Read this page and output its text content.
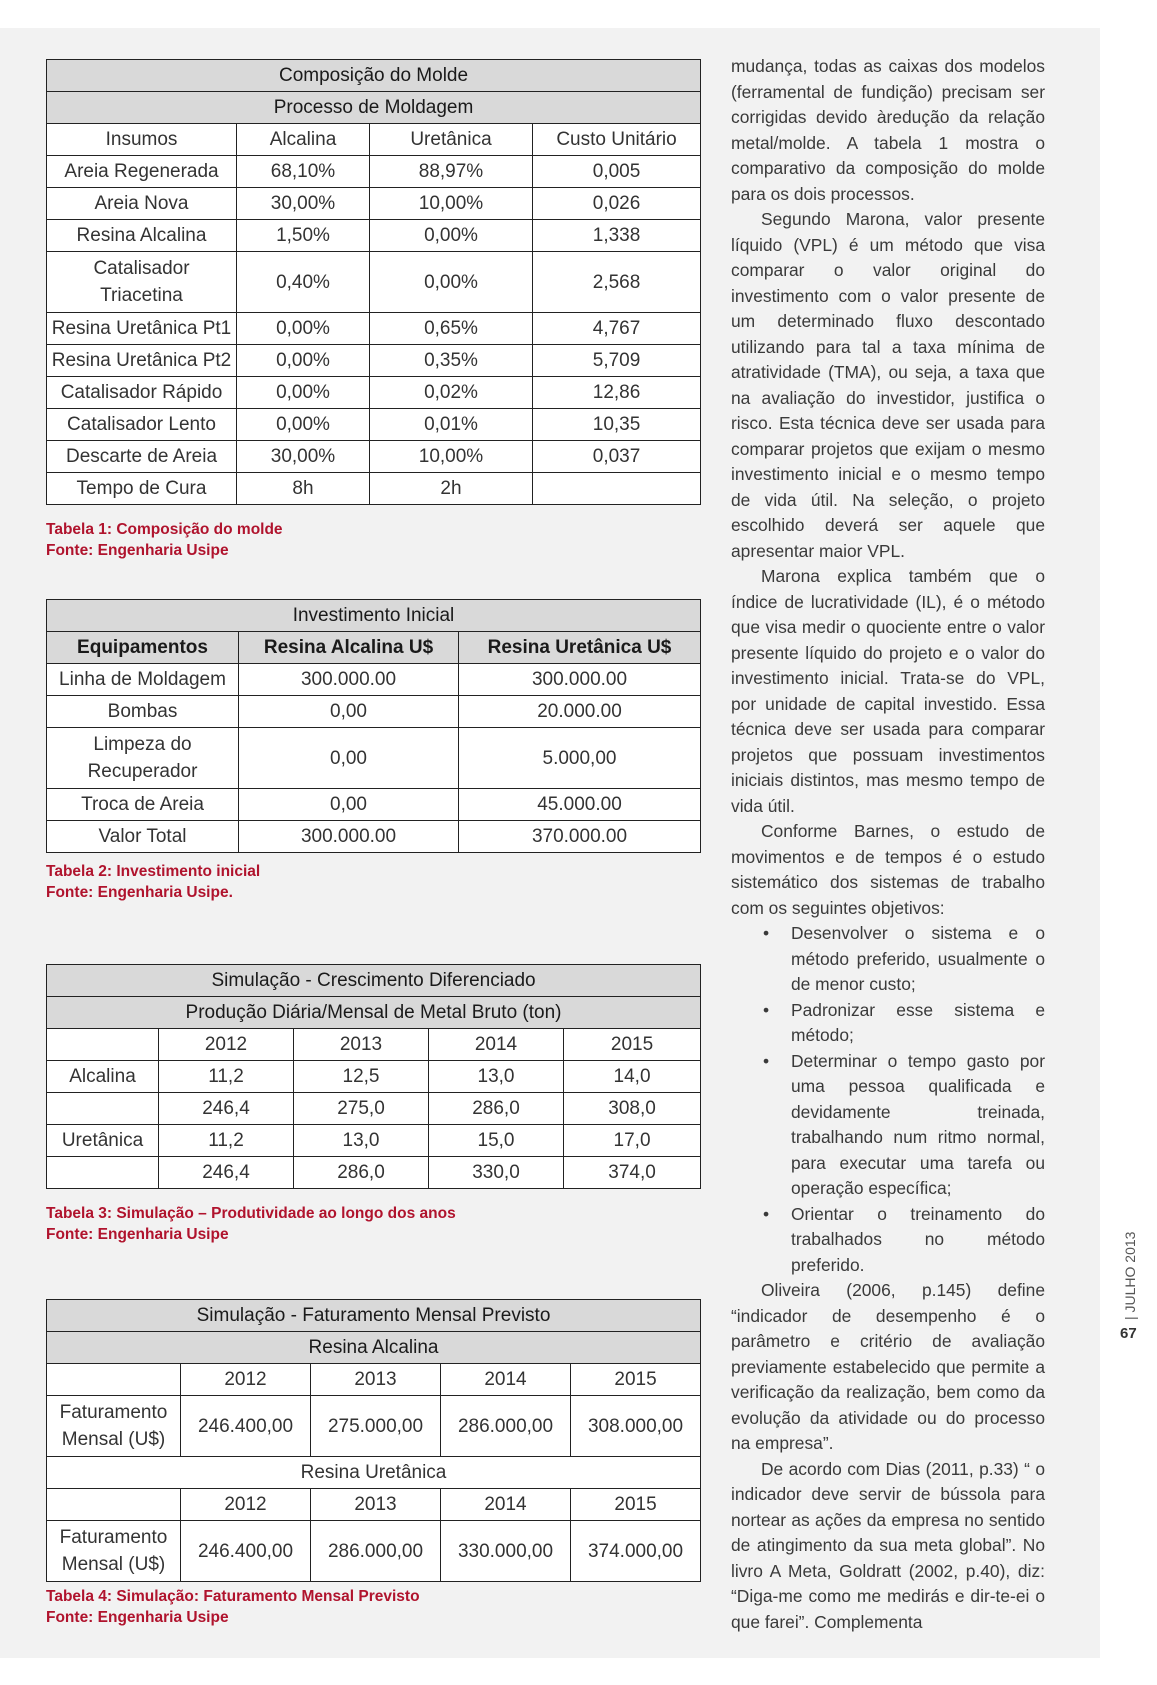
Composição do Molde			
Processo de Moldagem			
Insumos	Alcalina	Uretânica	Custo Unitário
Areia Regenerada	68,10%	88,97%	0,005
Areia Nova	30,00%	10,00%	0,026
Resina Alcalina	1,50%	0,00%	1,338
Catalisador
Triacetina	0,40%	0,00%	2,568
Resina Uretânica Pt1	0,00%	0,65%	4,767
Resina Uretânica Pt2	0,00%	0,35%	5,709
Catalisador Rápido	0,00%	0,02%	12,86
Catalisador Lento	0,00%	0,01%	10,35
Descarte de Areia	30,00%	10,00%	0,037
Tempo de Cura	8h	2h	
Tabela 1: Composição do molde
Fonte: Engenharia Usipe
Investimento Inicial		
Equipamentos	Resina Alcalina U$	Resina Uretânica U$
Linha de Moldagem	300.000.00	300.000.00
Bombas	0,00	20.000.00
Limpeza do
Recuperador	0,00	5.000,00
Troca de Areia	0,00	45.000.00
Valor Total	300.000.00	370.000.00
Tabela 2: Investimento inicial
Fonte: Engenharia Usipe.
Simulação - Crescimento Diferenciado				
Produção Diária/Mensal de Metal Bruto (ton)				
	2012	2013	2014	2015
Alcalina	11,2	12,5	13,0	14,0
	246,4	275,0	286,0	308,0
Uretânica	11,2	13,0	15,0	17,0
	246,4	286,0	330,0	374,0
Tabela 3: Simulação – Produtividade ao longo dos anos
Fonte: Engenharia Usipe
Simulação - Faturamento Mensal Previsto				
Resina Alcalina				
	2012	2013	2014	2015
Faturamento
Mensal (U$)	246.400,00	275.000,00	286.000,00	308.000,00
Resina Uretânica				
	2012	2013	2014	2015
Faturamento
Mensal (U$)	246.400,00	286.000,00	330.000,00	374.000,00
Tabela 4: Simulação: Faturamento Mensal Previsto
Fonte: Engenharia Usipe

mudança, todas as caixas dos modelos (ferramental de fundição) precisam ser corrigidas devido àredução da relação metal/molde. A tabela 1 mostra o comparativo da composição do molde para os dois processos.

Segundo Marona, valor presente líquido (VPL) é um método que visa comparar o valor original do investimento com o valor presente de um determinado fluxo descontado utilizando para tal a taxa mínima de atratividade (TMA), ou seja, a taxa que na avaliação do investidor, justifica o risco. Esta técnica deve ser usada para comparar projetos que exijam o mesmo investimento inicial e o mesmo tempo de vida útil. Na seleção, o projeto escolhido deverá ser aquele que apresentar maior VPL.

Marona explica também que o índice de lucratividade (IL), é o método que visa medir o quociente entre o valor presente líquido do projeto e o valor do investimento inicial. Trata-se do VPL, por unidade de capital investido. Essa técnica deve ser usada para comparar projetos que possuam investimentos iniciais distintos, mas mesmo tempo de vida útil.

Conforme Barnes, o estudo de movimentos e de tempos é o estudo sistemático dos sistemas de trabalho com os seguintes objetivos:

• Desenvolver o sistema e o método preferido, usualmente o de menor custo;
• Padronizar esse sistema e método;
• Determinar o tempo gasto por uma pessoa qualificada e devidamente treinada, trabalhando num ritmo normal, para executar uma tarefa ou operação específica;
• Orientar o treinamento do trabalhados no método preferido.

Oliveira (2006, p.145) define “indicador de desempenho é o parâmetro e critério de avaliação previamente estabelecido que permite a verificação da realização, bem como da evolução da atividade ou do processo na empresa”.

De acordo com Dias (2011, p.33) “ o indicador deve servir de bússola para nortear as ações da empresa no sentido de atingimento da sua meta global”. No livro A Meta, Goldratt (2002, p.40), diz: “Diga-me como me medirás e dir-te-ei o que farei”. Complementa

| JULHO 2013
67
